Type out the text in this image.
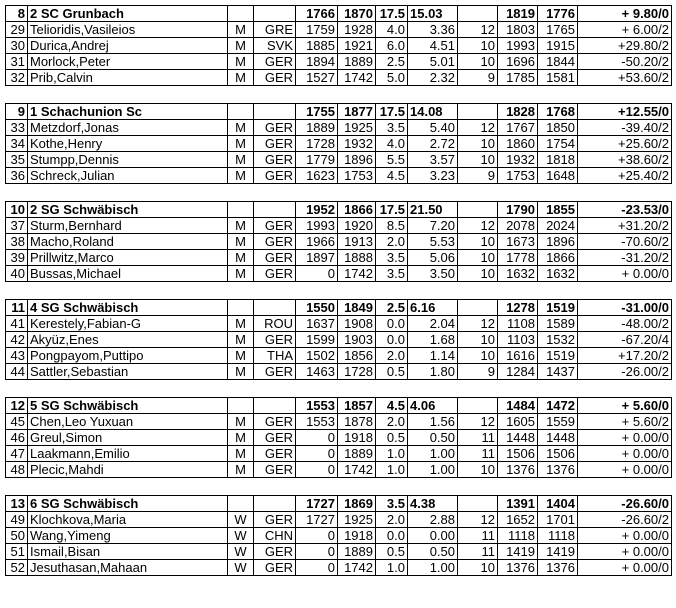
8	2 SC Grunbach			1766	1870	17.5	15.03		1819	1776	+ 9.80/0
29	Telioridis,Vasileios	M	GRE	1759	1928	4.0	3.36	12	1803	1765	+ 6.00/2
30	Durica,Andrej	M	SVK	1885	1921	6.0	4.51	10	1993	1915	+29.80/2
31	Morlock,Peter	M	GER	1894	1889	2.5	5.01	10	1696	1844	-50.20/2
32	Prib,Calvin	M	GER	1527	1742	5.0	2.32	9	1785	1581	+53.60/2
9	1 Schachunion Sc			1755	1877	17.5	14.08		1828	1768	+12.55/0
33	Metzdorf,Jonas	M	GER	1889	1925	3.5	5.40	12	1767	1850	-39.40/2
34	Kothe,Henry	M	GER	1728	1932	4.0	2.72	10	1860	1754	+25.60/2
35	Stumpp,Dennis	M	GER	1779	1896	5.5	3.57	10	1932	1818	+38.60/2
36	Schreck,Julian	M	GER	1623	1753	4.5	3.23	9	1753	1648	+25.40/2
10	2 SG Schwäbisch			1952	1866	17.5	21.50		1790	1855	-23.53/0
37	Sturm,Bernhard	M	GER	1993	1920	8.5	7.20	12	2078	2024	+31.20/2
38	Macho,Roland	M	GER	1966	1913	2.0	5.53	10	1673	1896	-70.60/2
39	Prillwitz,Marco	M	GER	1897	1888	3.5	5.06	10	1778	1866	-31.20/2
40	Bussas,Michael	M	GER	0	1742	3.5	3.50	10	1632	1632	+ 0.00/0
11	4 SG Schwäbisch			1550	1849	2.5	6.16		1278	1519	-31.00/0
41	Kerestely,Fabian-G	M	ROU	1637	1908	0.0	2.04	12	1108	1589	-48.00/2
42	Akyüz,Enes	M	GER	1599	1903	0.0	1.68	10	1103	1532	-67.20/4
43	Pongpayom,Puttipo	M	THA	1502	1856	2.0	1.14	10	1616	1519	+17.20/2
44	Sattler,Sebastian	M	GER	1463	1728	0.5	1.80	9	1284	1437	-26.00/2
12	5 SG Schwäbisch			1553	1857	4.5	4.06		1484	1472	+ 5.60/0
45	Chen,Leo Yuxuan	M	GER	1553	1878	2.0	1.56	12	1605	1559	+ 5.60/2
46	Greul,Simon	M	GER	0	1918	0.5	0.50	11	1448	1448	+ 0.00/0
47	Laakmann,Emilio	M	GER	0	1889	1.0	1.00	11	1506	1506	+ 0.00/0
48	Plecic,Mahdi	M	GER	0	1742	1.0	1.00	10	1376	1376	+ 0.00/0
13	6 SG Schwäbisch			1727	1869	3.5	4.38		1391	1404	-26.60/0
49	Klochkova,Maria	W	GER	1727	1925	2.0	2.88	12	1652	1701	-26.60/2
50	Wang,Yimeng	W	CHN	0	1918	0.0	0.00	11	1118	1118	+ 0.00/0
51	Ismail,Bisan	W	GER	0	1889	0.5	0.50	11	1419	1419	+ 0.00/0
52	Jesuthasan,Mahaan	W	GER	0	1742	1.0	1.00	10	1376	1376	+ 0.00/0
